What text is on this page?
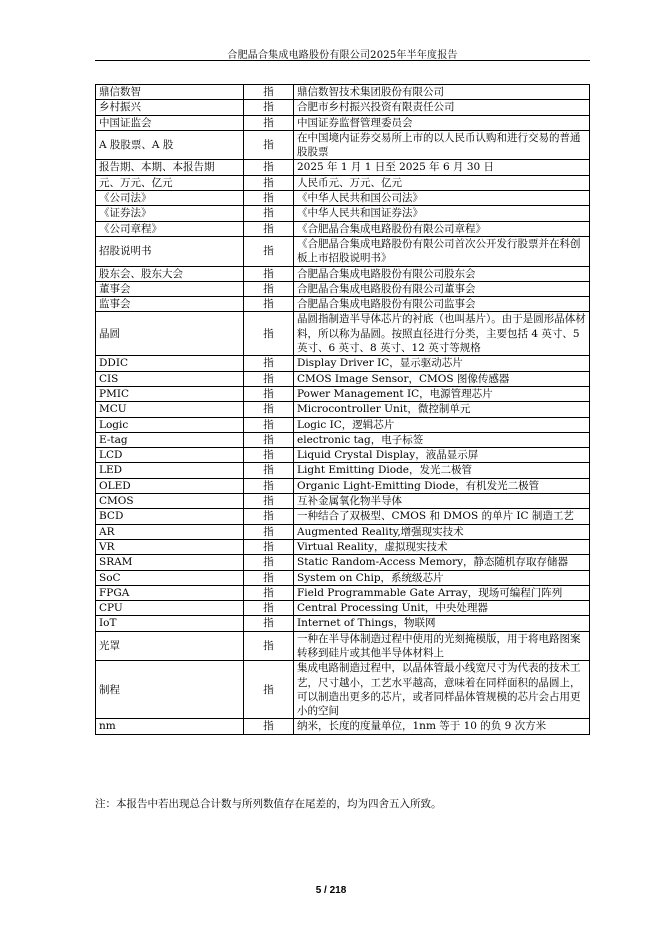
合肥晶合集成电路股份有限公司2025年半年度报告
鼎信数智	指	鼎信数智技术集团股份有限公司
乡村振兴	指	合肥市乡村振兴投资有限责任公司
中国证监会	指	中国证券监督管理委员会
A 股股票、A 股	指	在中国境内证券交易所上市的以人民币认购和进行交易的普通股股票
报告期、本期、本报告期	指	2025 年 1 月 1 日至 2025 年 6 月 30 日
元、万元、亿元	指	人民币元、万元、亿元
《公司法》	指	《中华人民共和国公司法》
《证券法》	指	《中华人民共和国证券法》
《公司章程》	指	《合肥晶合集成电路股份有限公司章程》
招股说明书	指	《合肥晶合集成电路股份有限公司首次公开发行股票并在科创板上市招股说明书》
股东会、股东大会	指	合肥晶合集成电路股份有限公司股东会
董事会	指	合肥晶合集成电路股份有限公司董事会
监事会	指	合肥晶合集成电路股份有限公司监事会
晶圆	指	晶圆指制造半导体芯片的衬底（也叫基片）。由于是圆形晶体材料，所以称为晶圆。按照直径进行分类，主要包括 4 英寸、5 英寸、6 英寸、8 英寸、12 英寸等规格
DDIC	指	Display Driver IC，显示驱动芯片
CIS	指	CMOS Image Sensor，CMOS 图像传感器
PMIC	指	Power Management IC，电源管理芯片
MCU	指	Microcontroller Unit，微控制单元
Logic	指	Logic IC，逻辑芯片
E-tag	指	electronic tag，电子标签
LCD	指	Liquid Crystal Display，液晶显示屏
LED	指	Light Emitting Diode，发光二极管
OLED	指	Organic Light-Emitting Diode，有机发光二极管
CMOS	指	互补金属氧化物半导体
BCD	指	一种结合了双极型、CMOS 和 DMOS 的单片 IC 制造工艺
AR	指	Augmented Reality,增强现实技术
VR	指	Virtual Reality，虚拟现实技术
SRAM	指	Static Random-Access Memory，静态随机存取存储器
SoC	指	System on Chip，系统级芯片
FPGA	指	Field Programmable Gate Array，现场可编程门阵列
CPU	指	Central Processing Unit，中央处理器
IoT	指	Internet of Things，物联网
光罩	指	一种在半导体制造过程中使用的光刻掩模版，用于将电路图案转移到硅片或其他半导体材料上
制程	指	集成电路制造过程中，以晶体管最小线宽尺寸为代表的技术工艺，尺寸越小，工艺水平越高，意味着在同样面积的晶圆上，可以制造出更多的芯片，或者同样晶体管规模的芯片会占用更小的空间
nm	指	纳米，长度的度量单位，1nm 等于 10 的负 9 次方米
注：本报告中若出现总合计数与所列数值存在尾差的，均为四舍五入所致。
5 / 218
